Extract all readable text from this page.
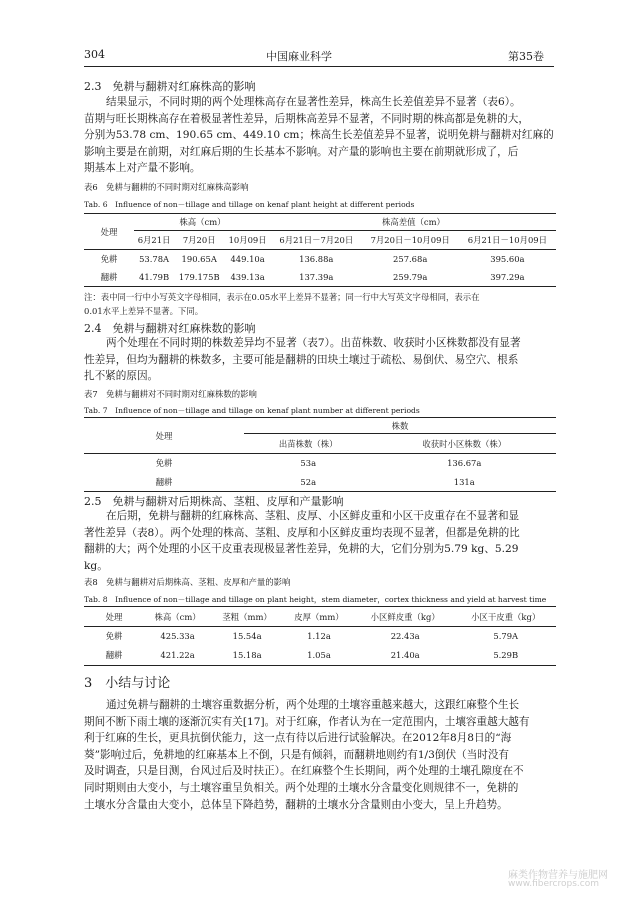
304	中国麻业科学	第35卷
2.3　免耕与翻耕对红麻株高的影响
结果显示，不同时期的两个处理株高存在显著性差异，株高生长差值差异不显著（表6）。
苗期与旺长期株高存在着极显著性差异，后期株高差异不显著，不同时期的株高都是免耕的大，
分别为53.78 cm、190.65 cm、449.10 cm；株高生长差值差异不显著，说明免耕与翻耕对红麻的
影响主要是在前期，对红麻后期的生长基本不影响。对产量的影响也主要在前期就形成了，后
期基本上对产量不影响。
表6　免耕与翻耕的不同时期对红麻株高影响
Tab. 6　Influence of non－tillage and tillage on kenaf plant height at different periods
处理	株高（cm）			株高差值（cm）		
	6月21日	7月20日	10月09日	6月21日－7月20日	7月20日－10月09日	6月21日－10月09日
免耕	53.78A	190.65A	449.10a	136.88a	257.68a	395.60a
翻耕	41.79B	179.175B	439.13a	137.39a	259.79a	397.29a
注：表中同一行中小写英文字母相同，表示在0.05水平上差异不显著；同一行中大写英文字母相同，表示在
0.01水平上差异不显著。下同。
2.4　免耕与翻耕对红麻株数的影响
两个处理在不同时期的株数差异均不显著（表7）。出苗株数、收获时小区株数都没有显著
性差异，但均为翻耕的株数多，主要可能是翻耕的田块土壤过于疏松、易倒伏、易空穴、根系
扎不紧的原因。
表7　免耕与翻耕对不同时期对红麻株数的影响
Tab. 7　Influence of non－tillage and tillage on kenaf plant number at different periods
处理	株数	
	出苗株数（株）	收获时小区株数（株）
免耕	53a	136.67a
翻耕	52a	131a
2.5　免耕与翻耕对后期株高、茎粗、皮厚和产量影响
在后期，免耕与翻耕的红麻株高、茎粗、皮厚、小区鲜皮重和小区干皮重存在不显著和显
著性差异（表8）。两个处理的株高、茎粗、皮厚和小区鲜皮重均表现不显著，但都是免耕的比
翻耕的大；两个处理的小区干皮重表现极显著性差异，免耕的大，它们分别为5.79 kg、5.29
kg。
表8　免耕与翻耕对后期株高、茎粗、皮厚和产量的影响
Tab. 8　Influence of non－tillage and tillage on plant height，stem diameter，cortex thickness and yield at harvest time
处理	株高（cm）	茎粗（mm）	皮厚（mm）	小区鲜皮重（kg）	小区干皮重（kg）
免耕	425.33a	15.54a	1.12a	22.43a	5.79A
翻耕	421.22a	15.18a	1.05a	21.40a	5.29B
3　小结与讨论
通过免耕与翻耕的土壤容重数据分析，两个处理的土壤容重越来越大，这跟红麻整个生长
期间不断下雨土壤的逐渐沉实有关[17]。对于红麻，作者认为在一定范围内，土壤容重越大越有
利于红麻的生长，更具抗倒伏能力，这一点有待以后进行试验解决。在2012年8月8日的“海
葵”影响过后，免耕地的红麻基本上不倒，只是有倾斜，而翻耕地则约有1/3倒伏（当时没有
及时调查，只是目测，台风过后及时扶正）。在红麻整个生长期间，两个处理的土壤孔隙度在不
同时期则由大变小，与土壤容重呈负相关。两个处理的土壤水分含量变化则规律不一，免耕的
土壤水分含量由大变小，总体呈下降趋势，翻耕的土壤水分含量则由小变大，呈上升趋势。
麻类作物营养与施肥网
www.fibercrops.com
